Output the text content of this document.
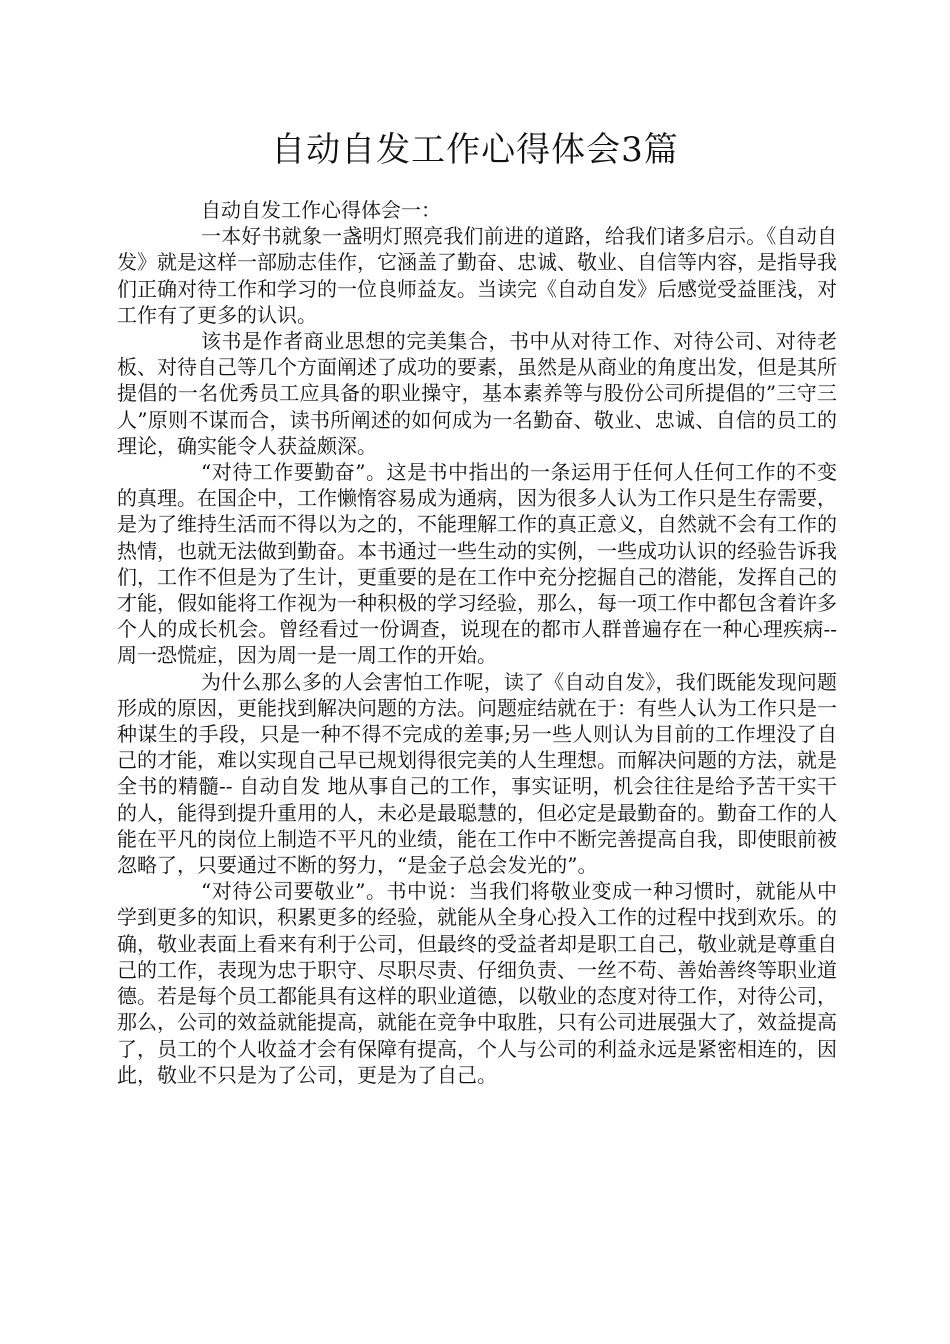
自动自发工作心得体会3篇

自动自发工作心得体会一：

一本好书就象一盏明灯照亮我们前进的道路，给我们诸多启示。《自动自发》就是这样一部励志佳作，它涵盖了勤奋、忠诚、敬业、自信等内容，是指导我们正确对待工作和学习的一位良师益友。当读完《自动自发》后感觉受益匪浅，对工作有了更多的认识。

该书是作者商业思想的完美集合，书中从对待工作、对待公司、对待老板、对待自己等几个方面阐述了成功的要素，虽然是从商业的角度出发，但是其所提倡的一名优秀员工应具备的职业操守，基本素养等与股份公司所提倡的”三守三人”原则不谋而合，读书所阐述的如何成为一名勤奋、敬业、忠诚、自信的员工的理论，确实能令人获益颇深。

“对待工作要勤奋”。这是书中指出的一条运用于任何人任何工作的不变的真理。在国企中，工作懒惰容易成为通病，因为很多人认为工作只是生存需要，是为了维持生活而不得以为之的，不能理解工作的真正意义，自然就不会有工作的热情，也就无法做到勤奋。本书通过一些生动的实例，一些成功认识的经验告诉我们，工作不但是为了生计，更重要的是在工作中充分挖掘自己的潜能，发挥自己的才能，假如能将工作视为一种积极的学习经验，那么，每一项工作中都包含着许多个人的成长机会。曾经看过一份调查，说现在的都市人群普遍存在一种心理疾病--周一恐慌症，因为周一是一周工作的开始。

为什么那么多的人会害怕工作呢，读了《自动自发》，我们既能发现问题形成的原因，更能找到解决问题的方法。问题症结就在于：有些人认为工作只是一种谋生的手段，只是一种不得不完成的差事;另一些人则认为目前的工作埋没了自己的才能，难以实现自己早已规划得很完美的人生理想。而解决问题的方法，就是全书的精髓-- 自动自发 地从事自己的工作，事实证明，机会往往是给予苦干实干的人，能得到提升重用的人，未必是最聪慧的，但必定是最勤奋的。勤奋工作的人能在平凡的岗位上制造不平凡的业绩，能在工作中不断完善提高自我，即使眼前被忽略了，只要通过不断的努力，“是金子总会发光的”。

“对待公司要敬业”。书中说：当我们将敬业变成一种习惯时，就能从中学到更多的知识，积累更多的经验，就能从全身心投入工作的过程中找到欢乐。的确，敬业表面上看来有利于公司，但最终的受益者却是职工自己，敬业就是尊重自己的工作，表现为忠于职守、尽职尽责、仔细负责、一丝不苟、善始善终等职业道德。若是每个员工都能具有这样的职业道德，以敬业的态度对待工作，对待公司，那么，公司的效益就能提高，就能在竞争中取胜，只有公司进展强大了，效益提高了，员工的个人收益才会有保障有提高，个人与公司的利益永远是紧密相连的，因此，敬业不只是为了公司，更是为了自己。
